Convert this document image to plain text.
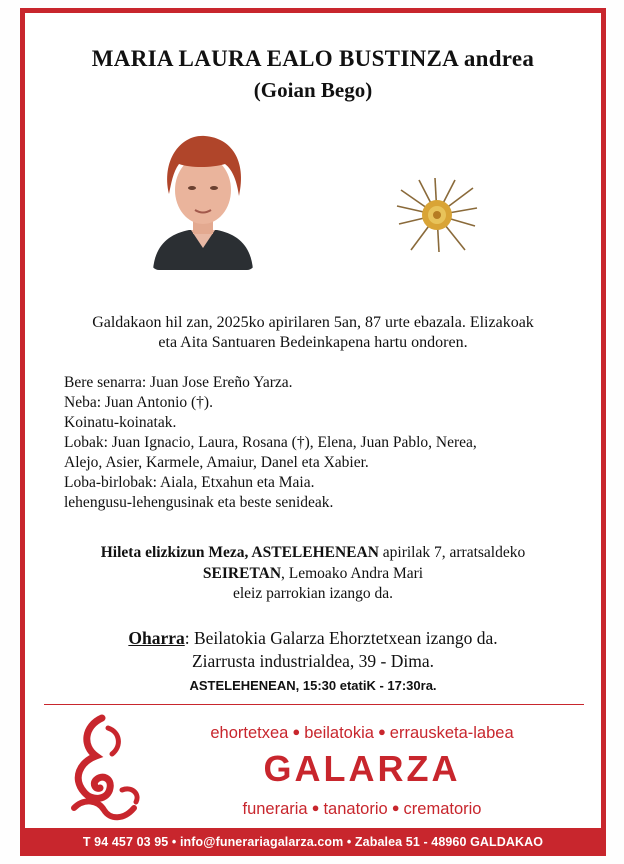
MARIA LAURA EALO BUSTINZA andrea
(Goian Bego)
Galdakaon hil zan, 2025ko apirilaren 5an, 87 urte ebazala. Elizakoak
eta Aita Santuaren Bedeinkapena hartu ondoren.
Bere senarra: Juan Jose Ereño Yarza.
Neba: Juan Antonio (†).
Koinatu-koinatak.
Lobak: Juan Ignacio, Laura, Rosana (†), Elena, Juan Pablo, Nerea,
Alejo, Asier, Karmele, Amaiur, Danel eta Xabier.
Loba-birlobak: Aiala, Etxahun eta Maia.
lehengusu-lehengusinak eta beste senideak.
Hileta elizkizun Meza, ASTELEHENEAN apirilak 7, arratsaldeko
SEIRETAN, Lemoako Andra Mari
eleiz parrokian izango da.
Oharra: Beilatokia Galarza Ehorztetxean izango da.
Ziarrusta industrialdea, 39 - Dima.
ASTELEHENEAN, 15:30 etatiK - 17:30ra.
ehortetxea ● beilatokia ● errausketa-labea
GALARZA
funeraria ● tanatorio ● crematorio
T 94 457 03 95 • info@funerariagalarza.com • Zabalea 51 - 48960 GALDAKAO
